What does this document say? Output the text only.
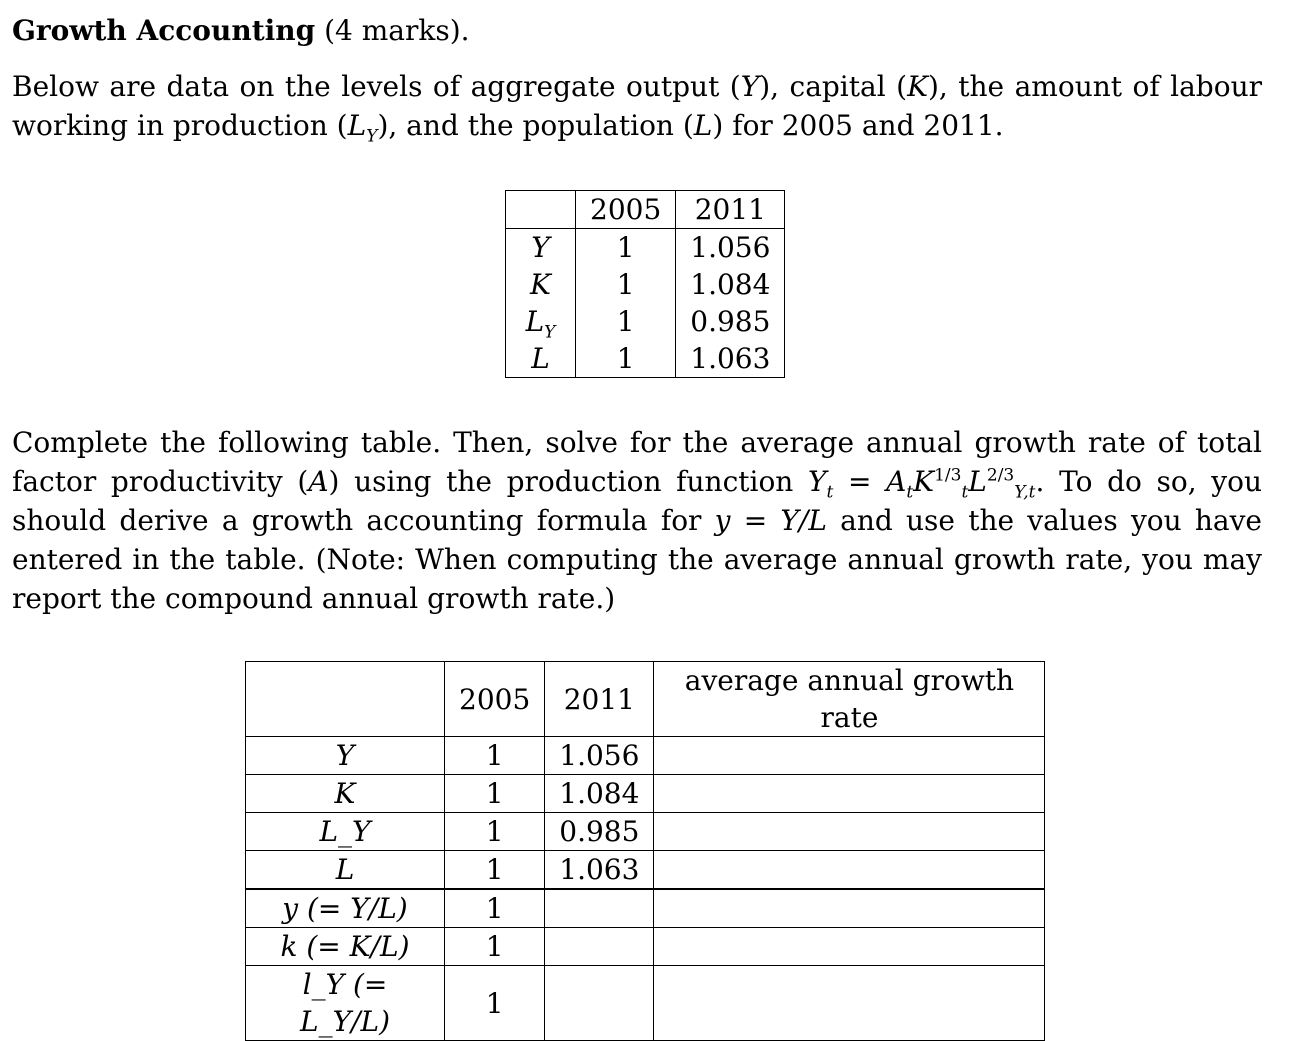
Growth Accounting (4 marks).
Below are data on the levels of aggregate output (Y), capital (K), the amount of labour working in production $(L_Y)$, and the population (L) for 2005 and 2011.
	2005	2011
Y	1	1.056
K	1	1.084
$L_Y$	1	0.985
L	1	1.063
Complete the following table. Then, solve for the average annual growth rate of total factor productivity (A) using the production function $Y_t = A_tK^{1/3}_tL^{2/3}_{Y,t}$. To do so, you should derive a growth accounting formula for y = Y/L and use the values you have entered in the table. (Note: When computing the average annual growth rate, you may report the compound annual growth rate.)
	2005	2011	average annual growth rate
Y	1	1.056	
K	1	1.084	
L_Y	1	0.985	
L	1	1.063	
y (= Y/L)	1		
k (= K/L)	1		
l_Y (= L_Y/L)	1		
